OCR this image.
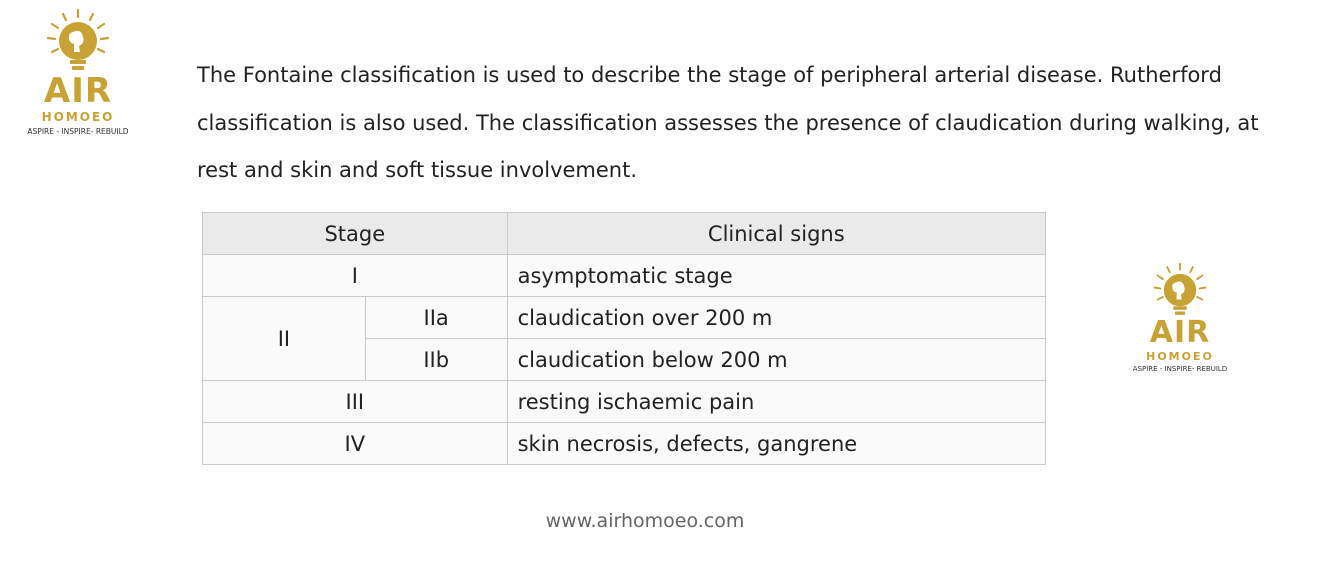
AIR
HOMOEO
ASPIRE - INSPIRE- REBUILD

The Fontaine classification is used to describe the stage of peripheral arterial disease. Rutherford classification is also used. The classification assesses the presence of claudication during walking, at rest and skin and soft tissue involvement.

Stage		Clinical signs
I		asymptomatic stage
II	IIa	claudication over 200 m
	IIb	claudication below 200 m
III		resting ischaemic pain
IV		skin necrosis, defects, gangrene
AIR
HOMOEO
ASPIRE - INSPIRE- REBUILD
www.airhomoeo.com
